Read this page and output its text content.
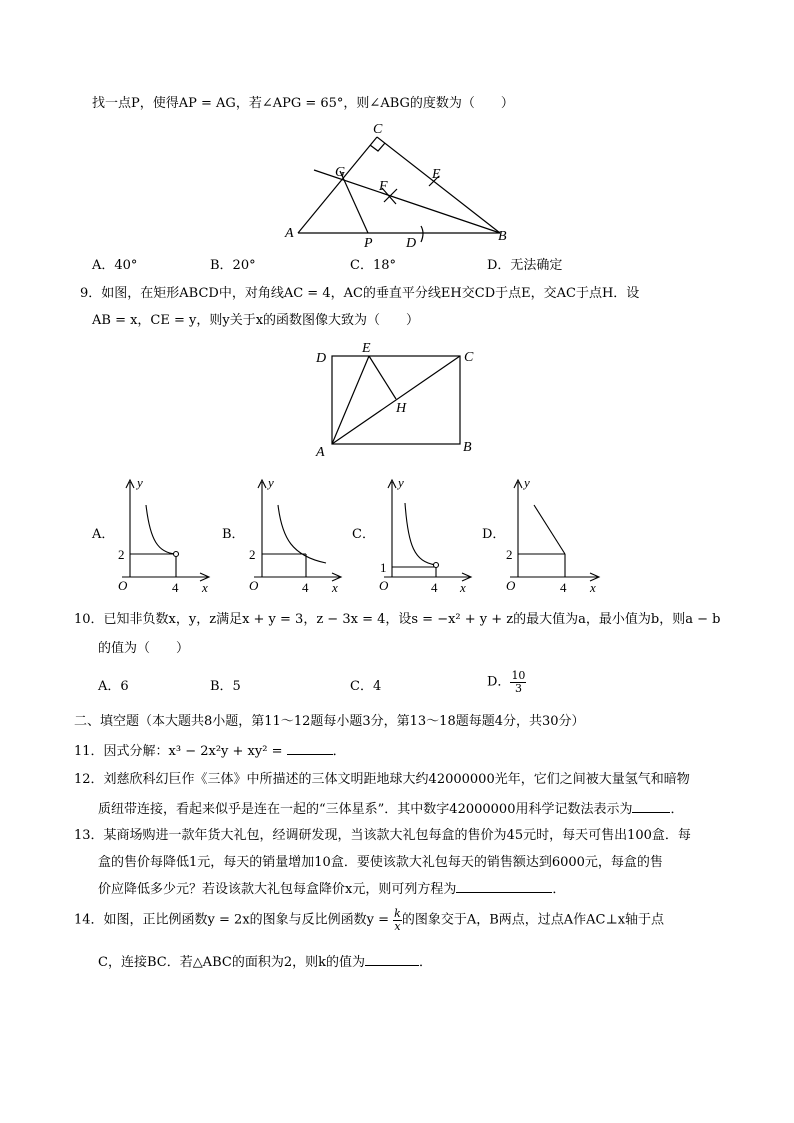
找一点P，使得AP = AG，若∠APG = 65°，则∠ABG的度数为（　　）
C
G	E
F
A
P D	B
A．40°	B．20°	C．18°	D．无法确定
9．如图，在矩形ABCD中，对角线AC = 4，AC的垂直平分线EH交CD于点E，交AC于点H．设
AB = x，CE = y，则y关于x的函数图像大致为（　　）
D
E
C
H
A	B
A．	B．	C．	D．
y
2
O	4 x
y
2
O	4 x
y
1
O	4 x
y
2
O	4 x
10．已知非负数x，y，z满足x + y = 3，z − 3x = 4，设s = −x² + y + z的最大值为a，最小值为b，则a − b
的值为（　　）
A．6	B．5	C．4	D． $\frac{10}{3}$
二、填空题（本大题共8小题，第11～12题每小题3分，第13～18题每题4分，共30分）
11．因式分解：x³ − 2x²y + xy² =	．
12．刘慈欣科幻巨作《三体》中所描述的三体文明距地球大约42000000光年，它们之间被大量氢气和暗物
质纽带连接，看起来似乎是连在一起的“三体星系”．其中数字42000000用科学记数法表示为	．
13．某商场购进一款年货大礼包，经调研发现，当该款大礼包每盒的售价为45元时，每天可售出100盒．每
盒的售价每降低1元，每天的销量增加10盒．要使该款大礼包每天的销售额达到6000元，每盒的售
价应降低多少元？若设该款大礼包每盒降价x元，则可列方程为	．
14．如图，正比例函数y = 2x的图象与反比例函数$y = \frac{k}{x}$ 的图象交于A，B两点，过点A作AC⊥x轴于点
C，连接BC．若△ABC的面积为2，则k的值为	．
